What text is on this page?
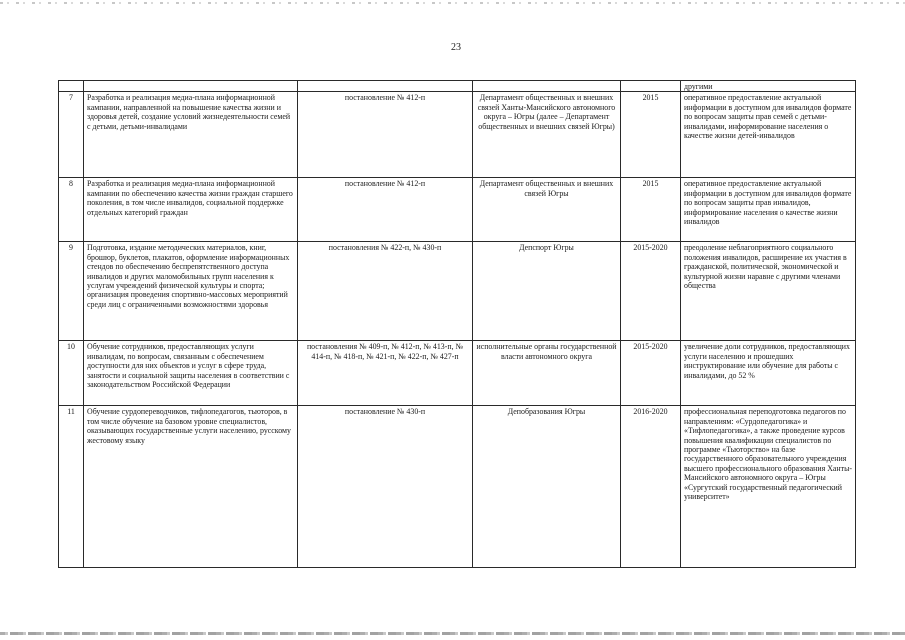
23
					другими
7	Разработка и реализация медиа-плана информационной кампании, направленной на повышение качества жизни и здоровья детей, создание условий жизнедеятельности семей с детьми, детьми-инвалидами	постановление № 412-п	Департамент общественных и внешних связей Ханты-Мансийского автономного округа – Югры (далее – Департамент общественных и внешних связей Югры)	2015	оперативное предоставление актуальной информации в доступном для инвалидов формате по вопросам защиты прав семей с детьми-инвалидами, информирование населения о качестве жизни детей-инвалидов
8	Разработка и реализация медиа-плана информационной кампании по обеспечению качества жизни граждан старшего поколения, в том числе инвалидов, социальной поддержке отдельных категорий граждан	постановление № 412-п	Департамент общественных и внешних связей Югры	2015	оперативное предоставление актуальной информации в доступном для инвалидов формате по вопросам защиты прав инвалидов, информирование населения о качестве жизни инвалидов
9	Подготовка, издание методических материалов, книг, брошюр, буклетов, плакатов, оформление информационных стендов по обеспечению беспрепятственного доступа инвалидов и других маломобильных групп населения к услугам учреждений физической культуры и спорта; организация проведения спортивно-массовых мероприятий среди лиц с ограниченными возможностями здоровья	постановления № 422-п, № 430-п	Депспорт Югры	2015-2020	преодоление неблагоприятного социального положения инвалидов, расширение их участия в гражданской, политической, экономической и культурной жизни наравне с другими членами общества
10	Обучение сотрудников, предоставляющих услуги инвалидам, по вопросам, связанным с обеспечением доступности для них объектов и услуг в сфере труда, занятости и социальной защиты населения в соответствии с законодательством Российской Федерации	постановления № 409-п, № 412-п, № 413-п, № 414-п, № 418-п, № 421-п, № 422-п, № 427-п	исполнительные органы государственной власти автономного округа	2015-2020	увеличение доли сотрудников, предоставляющих услуги населению и прошедших инструктирование или обучение для работы с инвалидами, до 52 %
11	Обучение сурдопереводчиков, тифлопедагогов, тьюторов, в том числе обучение на базовом уровне специалистов, оказывающих государственные услуги населению, русскому жестовому языку	постановление № 430-п	Депобразования Югры	2016-2020	профессиональная переподготовка педагогов по направлениям: «Сурдопедагогика» и «Тифлопедагогика», а также проведение курсов повышения квалификации специалистов по программе «Тьюторство» на базе государственного образовательного учреждения высшего профессионального образования Ханты-Мансийского автономного округа – Югры «Сургутский государственный педагогический университет»
